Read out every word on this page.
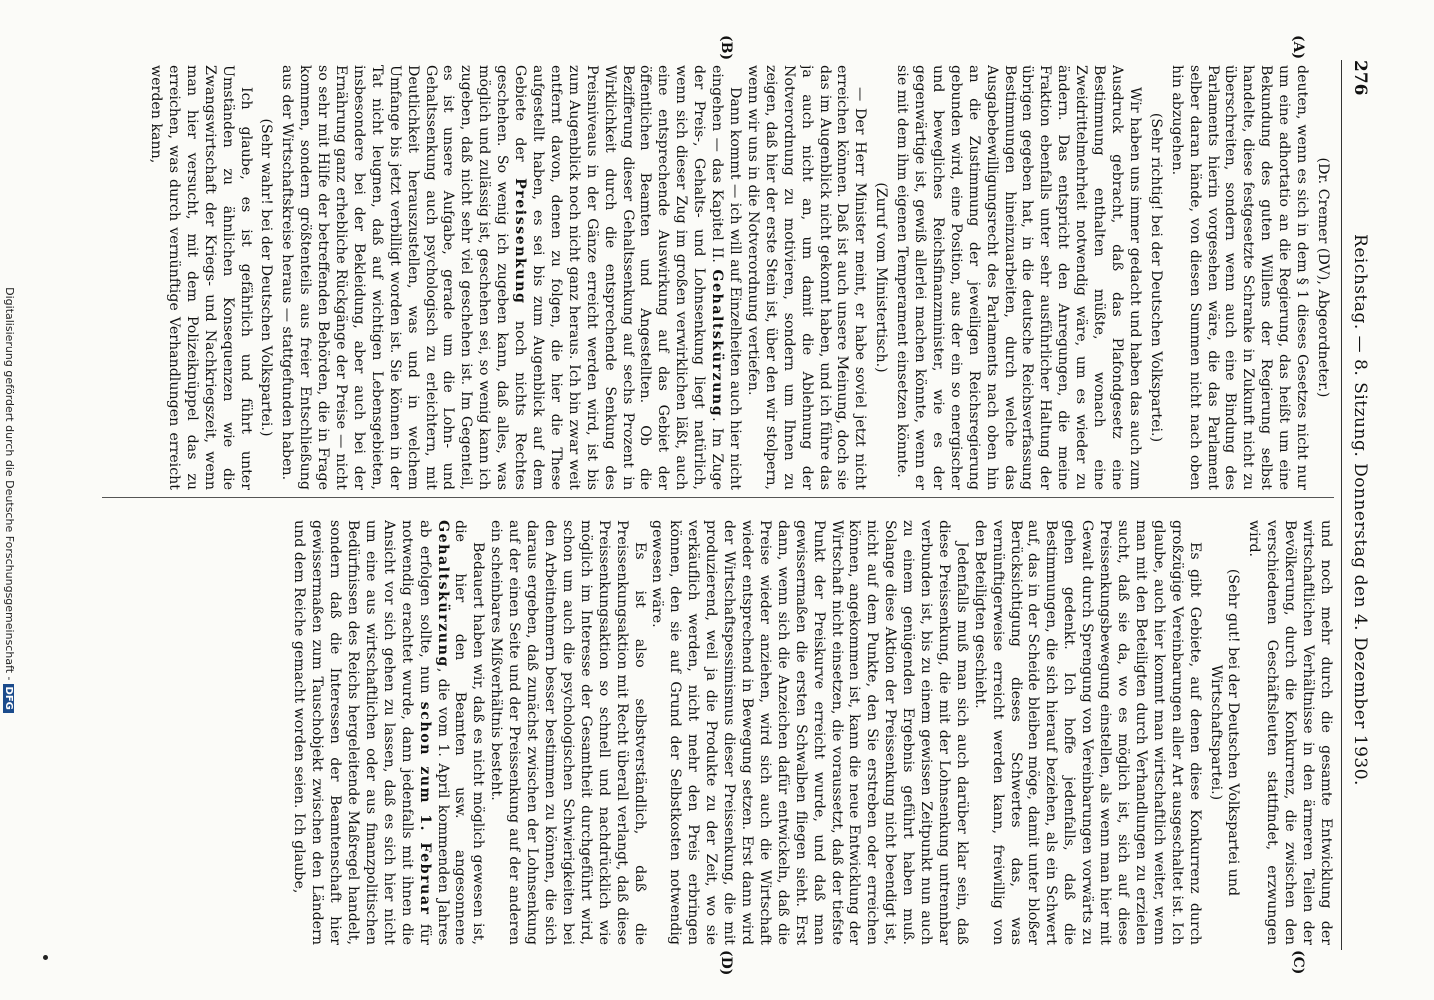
276
Reichstag. — 8. Sitzung. Donnerstag den 4. Dezember 1930.
(A)
(B)
(C)
(D)

(Dr. Cremer (DV), Abgeordneter.)

deuten, wenn es sich in dem § 1 dieses Gesetzes nicht nur um eine adhortatio an die Regierung, das heißt um eine Bekundung des guten Willens der Regierung selbst handelte, diese festgesetzte Schranke in Zukunft nicht zu überschreiten, sondern wenn auch eine Bindung des Parlaments hierin vorgesehen wäre, die das Parlament selber daran hände, von diesen Summen nicht nach oben hin abzugehen.

(Sehr richtig! bei der Deutschen Volkspartei.)

Wir haben uns immer gedacht und haben das auch zum Ausdruck gebracht, daß das Plafondgesetz eine Bestimmung enthalten müßte, wonach eine Zweidrittelmehrheit notwendig wäre, um es wieder zu ändern. Das entspricht den Anregungen, die meine Fraktion ebenfalls unter sehr ausführlicher Haltung der übrigen gegeben hat, in die deutsche Reichsverfassung Bestimmungen hineinzuarbeiten, durch welche das Ausgabebewilligungsrecht des Parlaments nach oben hin an die Zustimmung der jeweiligen Reichsregierung gebunden wird, eine Position, aus der ein so energischer und bewegliches Reichsfinanzminister, wie es der gegenwärtige ist, gewiß allerlei machen könnte, wenn er sie mit dem ihm eigenen Temperament einsetzen könnte.

(Zuruf vom Ministertisch.)

— Der Herr Minister meint, er habe soviel jetzt nicht erreichen können. Daß ist auch unsere Meinung, doch sie das im Augenblick nicht gekonnt haben, und ich führe das ja auch nicht an, um damit die Ablehnung der Notverordnung zu motivieren, sondern um Ihnen zu zeigen, daß hier der erste Stein ist, über den wir stolpern, wenn wir uns in die Notverordnung vertiefen.

Dann kommt — ich will auf Einzelheiten auch hier nicht eingehen — das Kapitel II. Gehaltskürzung. Im Zuge der Preis-, Gehalts- und Lohnsenkung liegt natürlich, wenn sich dieser Zug im großen verwirklichen läßt, auch eine entsprechende Auswirkung auf das Gebiet der öffentlichen Beamten und Angestellten. Ob die Bezifferung dieser Gehaltssenkung auf sechs Prozent in Wirklichkeit durch die entsprechende Senkung des Preisniveaus in der Gänze erreicht werden wird, ist bis zum Augenblick noch nicht ganz heraus. Ich bin zwar weit entfernt davon, denen zu folgen, die hier die These aufgestellt haben, es sei bis zum Augenblick auf dem Gebiete der Preissenkung noch nichts Rechtes geschehen. So wenig ich zugeben kann, daß alles, was möglich und zulässig ist, geschehen sei, so wenig kann ich zugeben, daß nicht sehr viel geschehen ist. Im Gegenteil, es ist unsere Aufgabe, gerade um die Lohn- und Gehaltssenkung auch psychologisch zu erleichtern, mit Deutlichkeit herauszustellen, was und in welchem Umfange bis jetzt verbilligt worden ist. Sie können in der Tat nicht leugnen, daß auf wichtigen Lebensgebieten, insbesondere bei der Bekleidung, aber auch bei der Ernährung ganz erhebliche Rückgänge der Preise — nicht so sehr mit Hilfe der betreffenden Behörden, die in Frage kommen, sondern größtenteils aus freier Entschließung aus der Wirtschaftskreise heraus — stattgefunden haben.

(Sehr wahr! bei der Deutschen Volkspartei.)

Ich glaube, es ist gefährlich und führt unter Umständen zu ähnlichen Konsequenzen wie die Zwangswirtschaft der Kriegs- und Nachkriegszeit, wenn man hier versucht, mit dem Polizeiknüppel das zu erreichen, was durch vernünftige Verhandlungen erreicht werden kann,

und noch mehr durch die gesamte Entwicklung der wirtschaftlichen Verhältnisse in den ärmeren Teilen der Bevölkerung, durch die Konkurrenz, die zwischen den verschiedenen Geschäftsleuten stattfindet, erzwungen wird.

(Sehr gut! bei der Deutschen Volkspartei und Wirtschaftspartei.)

Es gibt Gebiete, auf denen diese Konkurrenz durch großzügige Vereinbarungen aller Art ausgeschaltet ist. Ich glaube, auch hier kommt man wirtschaftlich weiter, wenn man mit den Beteiligten durch Verhandlungen zu erzielen sucht, daß sie da, wo es möglich ist, sich auf diese Preissenkungsbewegung einstellen, als wenn man hier mit Gewalt durch Sprengung von Vereinbarungen vorwärts zu gehen gedenkt. Ich hoffe jedenfalls, daß die Bestimmungen, die sich hierauf beziehen, als ein Schwert auf, das in der Scheide bleiben möge, damit unter bloßer Berücksichtigung dieses Schwertes das, was vernünftigerweise erreicht werden kann, freiwillig von den Beteiligten geschieht.

Jedenfalls muß man sich auch darüber klar sein, daß diese Preissenkung, die mit der Lohnsenkung untrennbar verbunden ist, bis zu einem gewissen Zeitpunkt nun auch zu einem genügenden Ergebnis geführt haben muß. Solange diese Aktion der Preissenkung nicht beendigt ist, nicht auf dem Punkte, den Sie erstreben oder erreichen können, angekommen ist, kann die neue Entwicklung der Wirtschaft nicht einsetzen, die voraussetzt, daß der tiefste Punkt der Preiskurve erreicht wurde, und daß man gewissermaßen die ersten Schwalben fliegen sieht. Erst dann, wenn sich die Anzeichen dafür entwickeln, daß die Preise wieder anziehen, wird sich auch die Wirtschaft wieder entsprechend in Bewegung setzen. Erst dann wird der Wirtschaftspessimismus dieser Preissenkung, die mit produzierend, weil ja die Produkte zu der Zeit, wo sie verkäuflich werden, nicht mehr den Preis erbringen können, den sie auf Grund der Selbstkosten notwendig gewesen wäre.

Es ist also selbstverständlich, daß die Preissenkungsaktion mit Recht überall verlangt, daß diese Preissenkungsaktion so schnell und nachdrücklich wie möglich im Interesse der Gesamtheit durchgeführt wird, schon um auch die psychologischen Schwierigkeiten bei den Arbeitnehmern besser bestimmen zu können, die sich daraus ergeben, daß zunächst zwischen der Lohnsenkung auf der einen Seite und der Preissenkung auf der anderen ein scheinbares Mißverhältnis besteht.

Bedauert haben wir, daß es nicht möglich gewesen ist, die hier den Beamten usw. angesonnene Gehaltskürzung, die vom 1. April kommenden Jahres ab erfolgen sollte, nun schon zum 1. Februar für notwendig erachtet wurde, dann jedenfalls mit ihnen die Ansicht vor sich gehen zu lassen, daß es sich hier nicht um eine aus wirtschaftlichen oder aus finanzpolitischen Bedürfnissen des Reichs hergeleitende Maßregel handelt, sondern daß die Interessen der Beamtenschaft hier gewissermaßen zum Tauschobjekt zwischen den Ländern und dem Reiche gemacht worden seien. Ich glaube,

Digitalisierung gefördert durch die Deutsche Forschungsgemeinschaft -DFG
